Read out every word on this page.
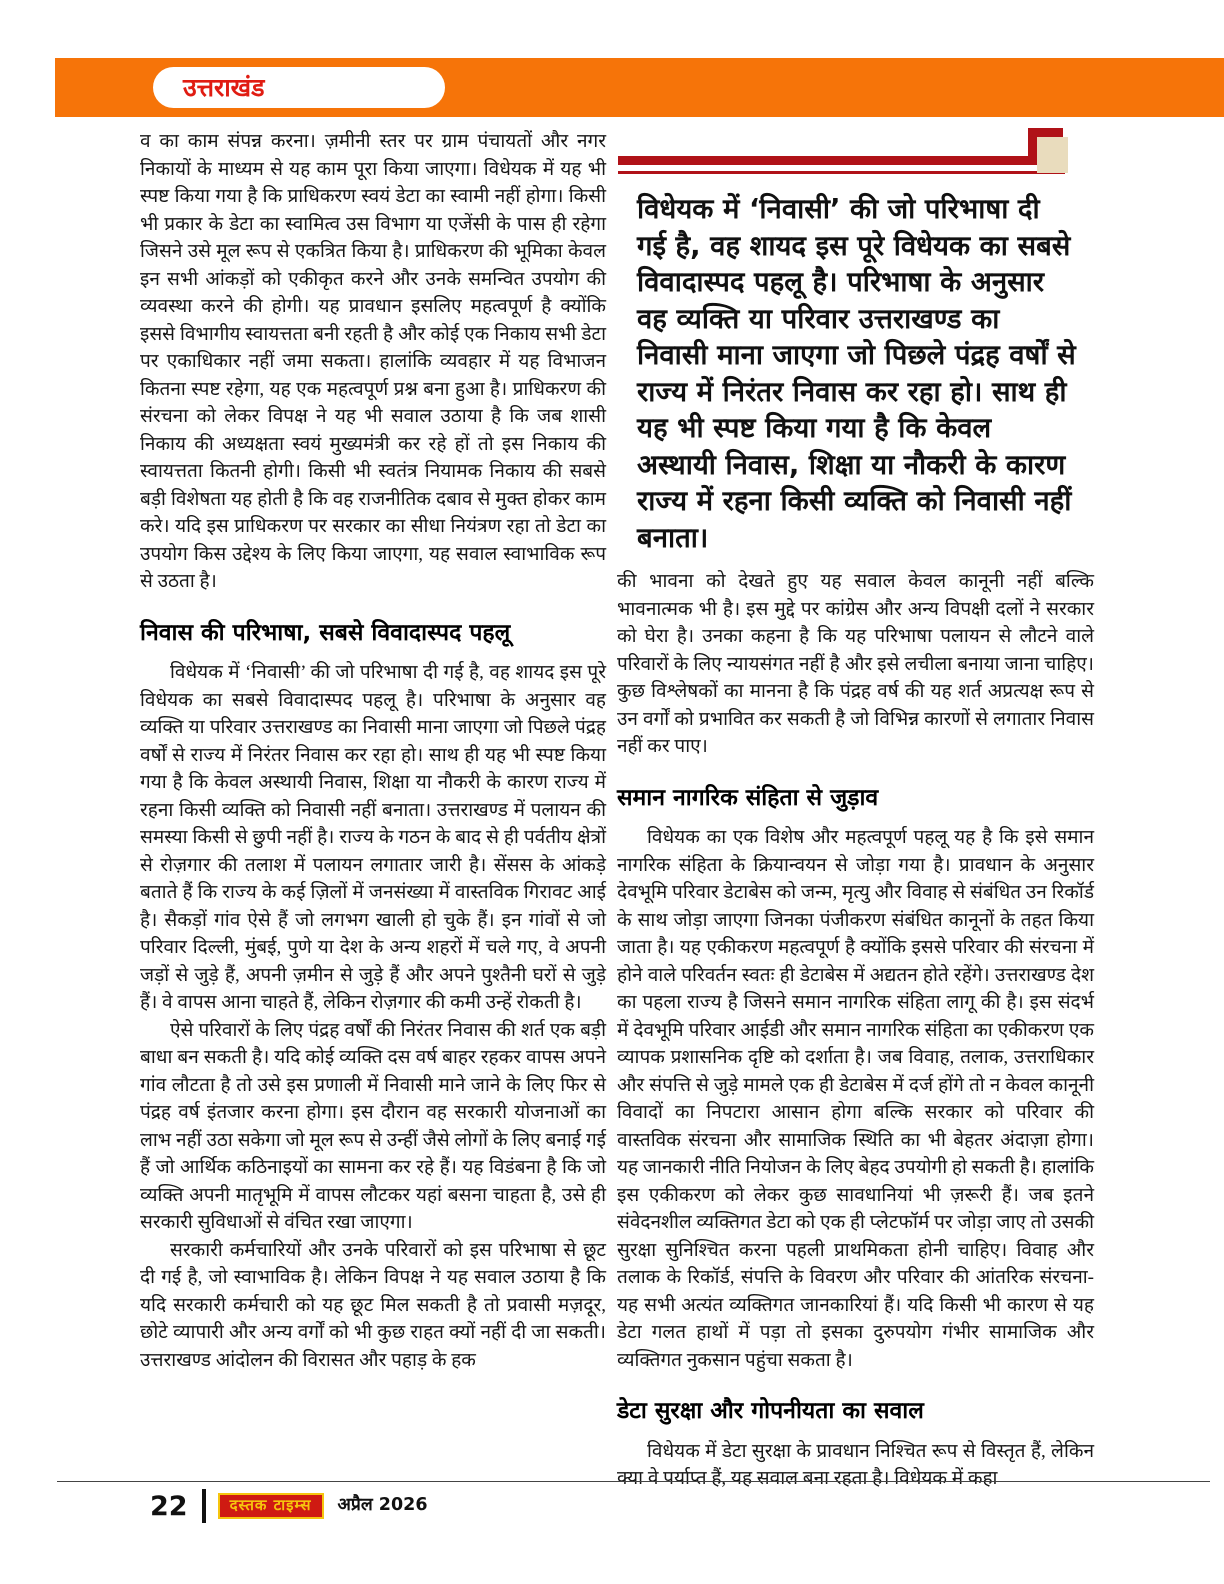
उत्तराखंड

व का काम संपन्न करना। ज़मीनी स्तर पर ग्राम पंचायतों और नगर निकायों के माध्यम से यह काम पूरा किया जाएगा। विधेयक में यह भी स्पष्ट किया गया है कि प्राधिकरण स्वयं डेटा का स्वामी नहीं होगा। किसी भी प्रकार के डेटा का स्वामित्व उस विभाग या एजेंसी के पास ही रहेगा जिसने उसे मूल रूप से एकत्रित किया है। प्राधिकरण की भूमिका केवल इन सभी आंकड़ों को एकीकृत करने और उनके समन्वित उपयोग की व्यवस्था करने की होगी। यह प्रावधान इसलिए महत्वपूर्ण है क्योंकि इससे विभागीय स्वायत्तता बनी रहती है और कोई एक निकाय सभी डेटा पर एकाधिकार नहीं जमा सकता। हालांकि व्यवहार में यह विभाजन कितना स्पष्ट रहेगा, यह एक महत्वपूर्ण प्रश्न बना हुआ है। प्राधिकरण की संरचना को लेकर विपक्ष ने यह भी सवाल उठाया है कि जब शासी निकाय की अध्यक्षता स्वयं मुख्यमंत्री कर रहे हों तो इस निकाय की स्वायत्तता कितनी होगी। किसी भी स्वतंत्र नियामक निकाय की सबसे बड़ी विशेषता यह होती है कि वह राजनीतिक दबाव से मुक्त होकर काम करे। यदि इस प्राधिकरण पर सरकार का सीधा नियंत्रण रहा तो डेटा का उपयोग किस उद्देश्य के लिए किया जाएगा, यह सवाल स्वाभाविक रूप से उठता है।

निवास की परिभाषा, सबसे विवादास्पद पहलू

विधेयक में ‘निवासी’ की जो परिभाषा दी गई है, वह शायद इस पूरे विधेयक का सबसे विवादास्पद पहलू है। परिभाषा के अनुसार वह व्यक्ति या परिवार उत्तराखण्ड का निवासी माना जाएगा जो पिछले पंद्रह वर्षों से राज्य में निरंतर निवास कर रहा हो। साथ ही यह भी स्पष्ट किया गया है कि केवल अस्थायी निवास, शिक्षा या नौकरी के कारण राज्य में रहना किसी व्यक्ति को निवासी नहीं बनाता। उत्तराखण्ड में पलायन की समस्या किसी से छुपी नहीं है। राज्य के गठन के बाद से ही पर्वतीय क्षेत्रों से रोज़गार की तलाश में पलायन लगातार जारी है। सेंसस के आंकड़े बताते हैं कि राज्य के कई ज़िलों में जनसंख्या में वास्तविक गिरावट आई है। सैकड़ों गांव ऐसे हैं जो लगभग खाली हो चुके हैं। इन गांवों से जो परिवार दिल्ली, मुंबई, पुणे या देश के अन्य शहरों में चले गए, वे अपनी जड़ों से जुड़े हैं, अपनी ज़मीन से जुड़े हैं और अपने पुश्तैनी घरों से जुड़े हैं। वे वापस आना चाहते हैं, लेकिन रोज़गार की कमी उन्हें रोकती है।

ऐसे परिवारों के लिए पंद्रह वर्षों की निरंतर निवास की शर्त एक बड़ी बाधा बन सकती है। यदि कोई व्यक्ति दस वर्ष बाहर रहकर वापस अपने गांव लौटता है तो उसे इस प्रणाली में निवासी माने जाने के लिए फिर से पंद्रह वर्ष इंतजार करना होगा। इस दौरान वह सरकारी योजनाओं का लाभ नहीं उठा सकेगा जो मूल रूप से उन्हीं जैसे लोगों के लिए बनाई गई हैं जो आर्थिक कठिनाइयों का सामना कर रहे हैं। यह विडंबना है कि जो व्यक्ति अपनी मातृभूमि में वापस लौटकर यहां बसना चाहता है, उसे ही सरकारी सुविधाओं से वंचित रखा जाएगा।

सरकारी कर्मचारियों और उनके परिवारों को इस परिभाषा से छूट दी गई है, जो स्वाभाविक है। लेकिन विपक्ष ने यह सवाल उठाया है कि यदि सरकारी कर्मचारी को यह छूट मिल सकती है तो प्रवासी मज़दूर, छोटे व्यापारी और अन्य वर्गों को भी कुछ राहत क्यों नहीं दी जा सकती। उत्तराखण्ड आंदोलन की विरासत और पहाड़ के हक

विधेयक में ‘निवासी’ की जो परिभाषा दी गई है, वह शायद इस पूरे विधेयक का सबसे विवादास्पद पहलू है। परिभाषा के अनुसार वह व्यक्ति या परिवार उत्तराखण्ड का निवासी माना जाएगा जो पिछले पंद्रह वर्षों से राज्य में निरंतर निवास कर रहा हो। साथ ही यह भी स्पष्ट किया गया है कि केवल अस्थायी निवास, शिक्षा या नौकरी के कारण राज्य में रहना किसी व्यक्ति को निवासी नहीं बनाता।

की भावना को देखते हुए यह सवाल केवल कानूनी नहीं बल्कि भावनात्मक भी है। इस मुद्दे पर कांग्रेस और अन्य विपक्षी दलों ने सरकार को घेरा है। उनका कहना है कि यह परिभाषा पलायन से लौटने वाले परिवारों के लिए न्यायसंगत नहीं है और इसे लचीला बनाया जाना चाहिए। कुछ विश्लेषकों का मानना है कि पंद्रह वर्ष की यह शर्त अप्रत्यक्ष रूप से उन वर्गों को प्रभावित कर सकती है जो विभिन्न कारणों से लगातार निवास नहीं कर पाए।

समान नागरिक संहिता से जुड़ाव

विधेयक का एक विशेष और महत्वपूर्ण पहलू यह है कि इसे समान नागरिक संहिता के क्रियान्वयन से जोड़ा गया है। प्रावधान के अनुसार देवभूमि परिवार डेटाबेस को जन्म, मृत्यु और विवाह से संबंधित उन रिकॉर्ड के साथ जोड़ा जाएगा जिनका पंजीकरण संबंधित कानूनों के तहत किया जाता है। यह एकीकरण महत्वपूर्ण है क्योंकि इससे परिवार की संरचना में होने वाले परिवर्तन स्वतः ही डेटाबेस में अद्यतन होते रहेंगे। उत्तराखण्ड देश का पहला राज्य है जिसने समान नागरिक संहिता लागू की है। इस संदर्भ में देवभूमि परिवार आईडी और समान नागरिक संहिता का एकीकरण एक व्यापक प्रशासनिक दृष्टि को दर्शाता है। जब विवाह, तलाक, उत्तराधिकार और संपत्ति से जुड़े मामले एक ही डेटाबेस में दर्ज होंगे तो न केवल कानूनी विवादों का निपटारा आसान होगा बल्कि सरकार को परिवार की वास्तविक संरचना और सामाजिक स्थिति का भी बेहतर अंदाज़ा होगा। यह जानकारी नीति नियोजन के लिए बेहद उपयोगी हो सकती है। हालांकि इस एकीकरण को लेकर कुछ सावधानियां भी ज़रूरी हैं। जब इतने संवेदनशील व्यक्तिगत डेटा को एक ही प्लेटफॉर्म पर जोड़ा जाए तो उसकी सुरक्षा सुनिश्चित करना पहली प्राथमिकता होनी चाहिए। विवाह और तलाक के रिकॉर्ड, संपत्ति के विवरण और परिवार की आंतरिक संरचना- यह सभी अत्यंत व्यक्तिगत जानकारियां हैं। यदि किसी भी कारण से यह डेटा गलत हाथों में पड़ा तो इसका दुरुपयोग गंभीर सामाजिक और व्यक्तिगत नुकसान पहुंचा सकता है।

डेटा सुरक्षा और गोपनीयता का सवाल

विधेयक में डेटा सुरक्षा के प्रावधान निश्चित रूप से विस्तृत हैं, लेकिन क्या वे पर्याप्त हैं, यह सवाल बना रहता है। विधेयक में कहा

22	दस्तक टाइम्स	अप्रैल 2026
